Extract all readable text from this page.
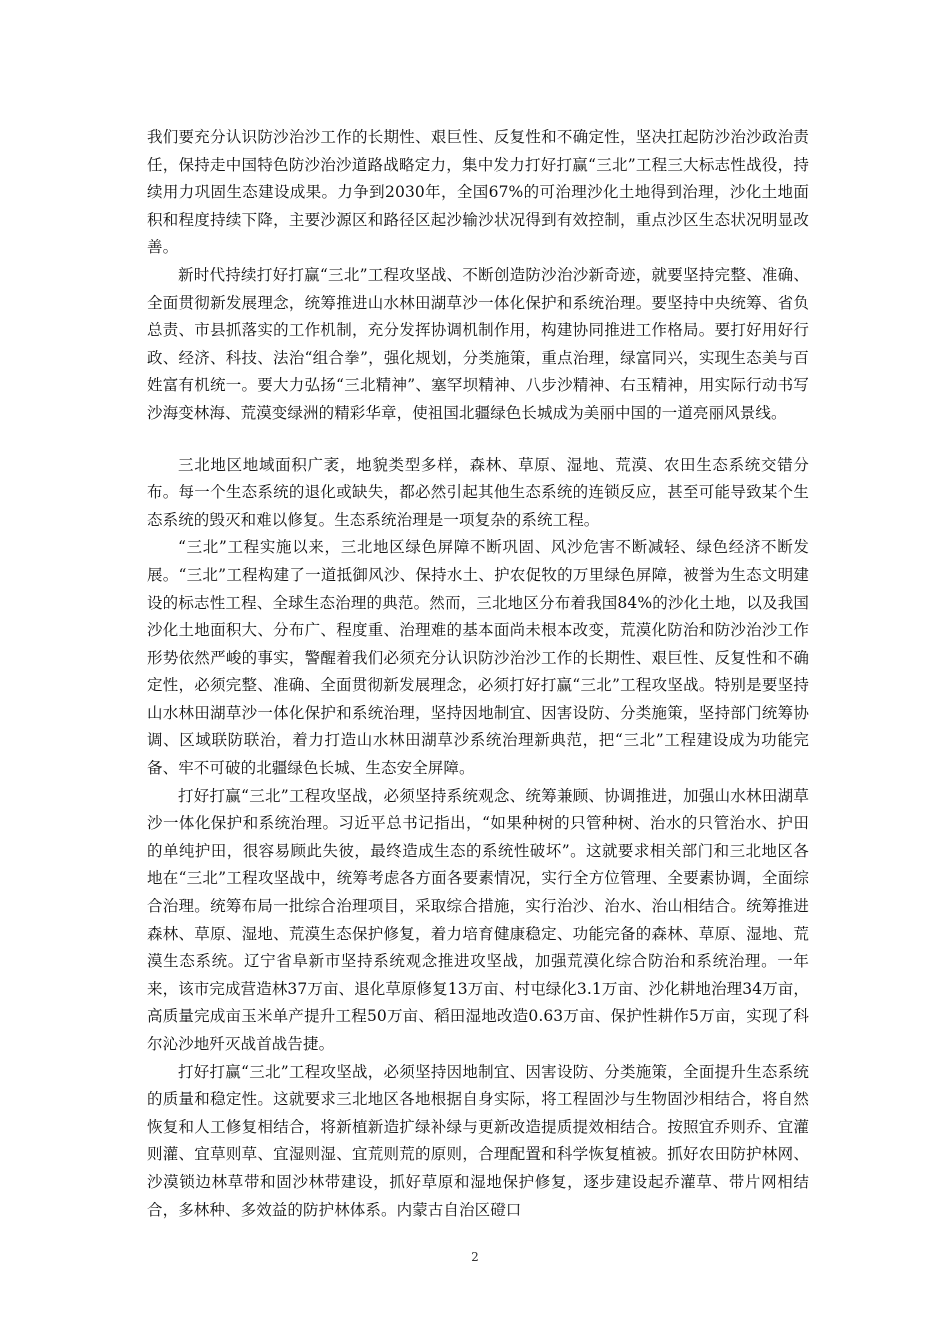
我们要充分认识防沙治沙工作的长期性、艰巨性、反复性和不确定性，坚决扛起防沙治沙政治责任，保持走中国特色防沙治沙道路战略定力，集中发力打好打赢“三北”工程三大标志性战役，持续用力巩固生态建设成果。力争到2030年，全国67%的可治理沙化土地得到治理，沙化土地面积和程度持续下降，主要沙源区和路径区起沙输沙状况得到有效控制，重点沙区生态状况明显改善。

新时代持续打好打赢“三北”工程攻坚战、不断创造防沙治沙新奇迹，就要坚持完整、准确、全面贯彻新发展理念，统筹推进山水林田湖草沙一体化保护和系统治理。要坚持中央统筹、省负总责、市县抓落实的工作机制，充分发挥协调机制作用，构建协同推进工作格局。要打好用好行政、经济、科技、法治“组合拳”，强化规划，分类施策，重点治理，绿富同兴，实现生态美与百姓富有机统一。要大力弘扬“三北精神”、塞罕坝精神、八步沙精神、右玉精神，用实际行动书写沙海变林海、荒漠变绿洲的精彩华章，使祖国北疆绿色长城成为美丽中国的一道亮丽风景线。

三北地区地域面积广袤，地貌类型多样，森林、草原、湿地、荒漠、农田生态系统交错分布。每一个生态系统的退化或缺失，都必然引起其他生态系统的连锁反应，甚至可能导致某个生态系统的毁灭和难以修复。生态系统治理是一项复杂的系统工程。

“三北”工程实施以来，三北地区绿色屏障不断巩固、风沙危害不断减轻、绿色经济不断发展。“三北”工程构建了一道抵御风沙、保持水土、护农促牧的万里绿色屏障，被誉为生态文明建设的标志性工程、全球生态治理的典范。然而，三北地区分布着我国84%的沙化土地，以及我国沙化土地面积大、分布广、程度重、治理难的基本面尚未根本改变，荒漠化防治和防沙治沙工作形势依然严峻的事实，警醒着我们必须充分认识防沙治沙工作的长期性、艰巨性、反复性和不确定性，必须完整、准确、全面贯彻新发展理念，必须打好打赢“三北”工程攻坚战。特别是要坚持山水林田湖草沙一体化保护和系统治理，坚持因地制宜、因害设防、分类施策，坚持部门统筹协调、区域联防联治，着力打造山水林田湖草沙系统治理新典范，把“三北”工程建设成为功能完备、牢不可破的北疆绿色长城、生态安全屏障。

打好打赢“三北”工程攻坚战，必须坚持系统观念、统筹兼顾、协调推进，加强山水林田湖草沙一体化保护和系统治理。习近平总书记指出，“如果种树的只管种树、治水的只管治水、护田的单纯护田，很容易顾此失彼，最终造成生态的系统性破坏”。这就要求相关部门和三北地区各地在“三北”工程攻坚战中，统筹考虑各方面各要素情况，实行全方位管理、全要素协调，全面综合治理。统筹布局一批综合治理项目，采取综合措施，实行治沙、治水、治山相结合。统筹推进森林、草原、湿地、荒漠生态保护修复，着力培育健康稳定、功能完备的森林、草原、湿地、荒漠生态系统。辽宁省阜新市坚持系统观念推进攻坚战，加强荒漠化综合防治和系统治理。一年来，该市完成营造林37万亩、退化草原修复13万亩、村屯绿化3.1万亩、沙化耕地治理34万亩，高质量完成亩玉米单产提升工程50万亩、稻田湿地改造0.63万亩、保护性耕作5万亩，实现了科尔沁沙地歼灭战首战告捷。

打好打赢“三北”工程攻坚战，必须坚持因地制宜、因害设防、分类施策，全面提升生态系统的质量和稳定性。这就要求三北地区各地根据自身实际，将工程固沙与生物固沙相结合，将自然恢复和人工修复相结合，将新植新造扩绿补绿与更新改造提质提效相结合。按照宜乔则乔、宜灌则灌、宜草则草、宜湿则湿、宜荒则荒的原则，合理配置和科学恢复植被。抓好农田防护林网、沙漠锁边林草带和固沙林带建设，抓好草原和湿地保护修复，逐步建设起乔灌草、带片网相结合，多林种、多效益的防护林体系。内蒙古自治区磴口

2
